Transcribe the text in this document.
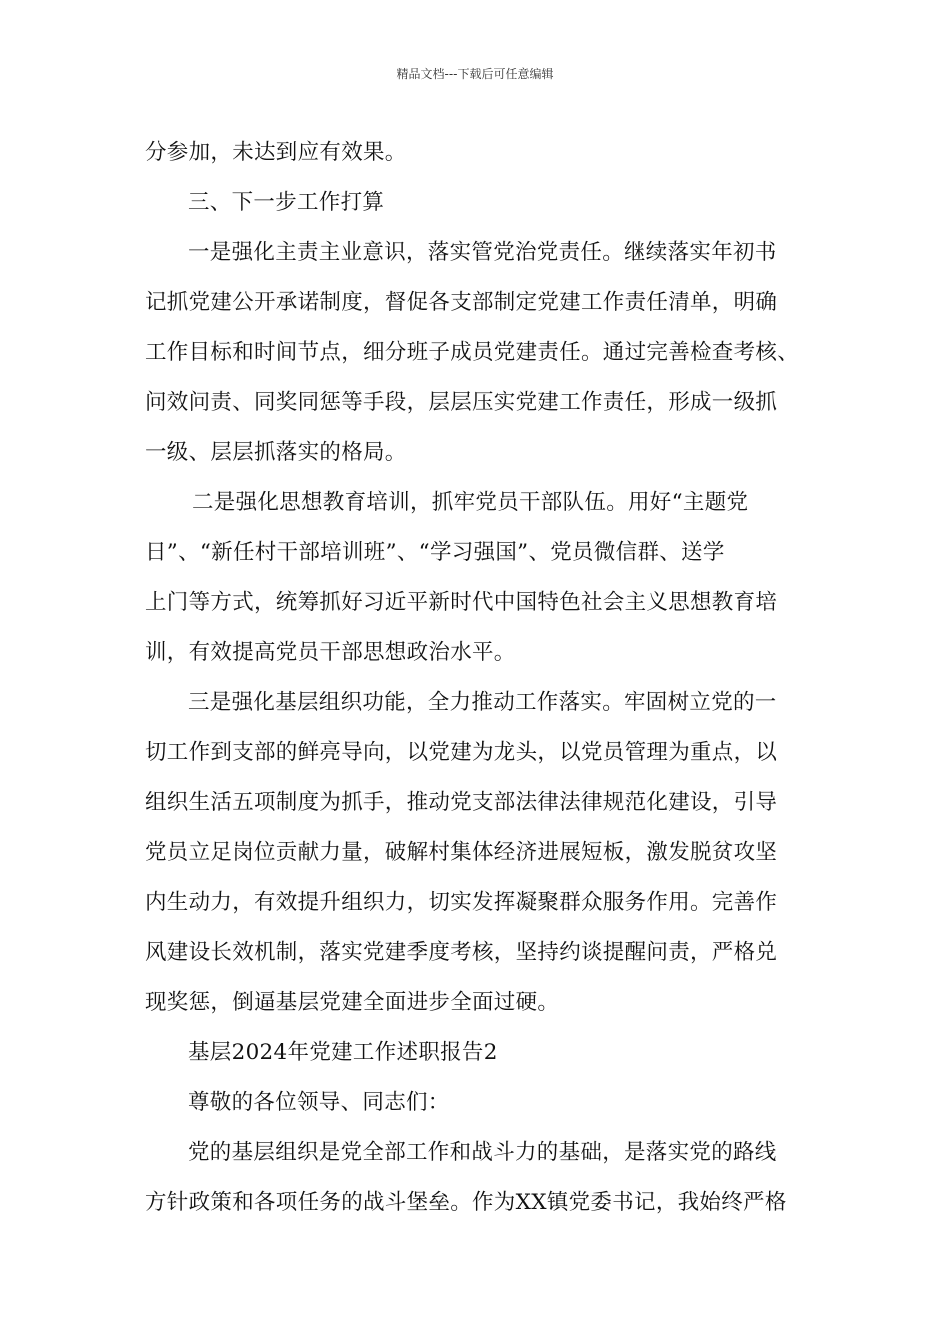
精品文档---下载后可任意编辑
分参加，未达到应有效果。
三、下一步工作打算
一是强化主责主业意识，落实管党治党责任。继续落实年初书
记抓党建公开承诺制度，督促各支部制定党建工作责任清单，明确
工作目标和时间节点，细分班子成员党建责任。通过完善检查考核、
问效问责、同奖同惩等手段，层层压实党建工作责任，形成一级抓
一级、层层抓落实的格局。
二是强化思想教育培训，抓牢党员干部队伍。用好“主题党
日”、“新任村干部培训班”、“学习强国”、党员微信群、送学
上门等方式，统筹抓好习近平新时代中国特色社会主义思想教育培
训，有效提高党员干部思想政治水平。
三是强化基层组织功能，全力推动工作落实。牢固树立党的一
切工作到支部的鲜亮导向，以党建为龙头，以党员管理为重点，以
组织生活五项制度为抓手，推动党支部法律法律规范化建设，引导
党员立足岗位贡献力量，破解村集体经济进展短板，激发脱贫攻坚
内生动力，有效提升组织力，切实发挥凝聚群众服务作用。完善作
风建设长效机制，落实党建季度考核，坚持约谈提醒问责，严格兑
现奖惩，倒逼基层党建全面进步全面过硬。
基层2024年党建工作述职报告2
尊敬的各位领导、同志们：
党的基层组织是党全部工作和战斗力的基础，是落实党的路线
方针政策和各项任务的战斗堡垒。作为XX镇党委书记，我始终严格
